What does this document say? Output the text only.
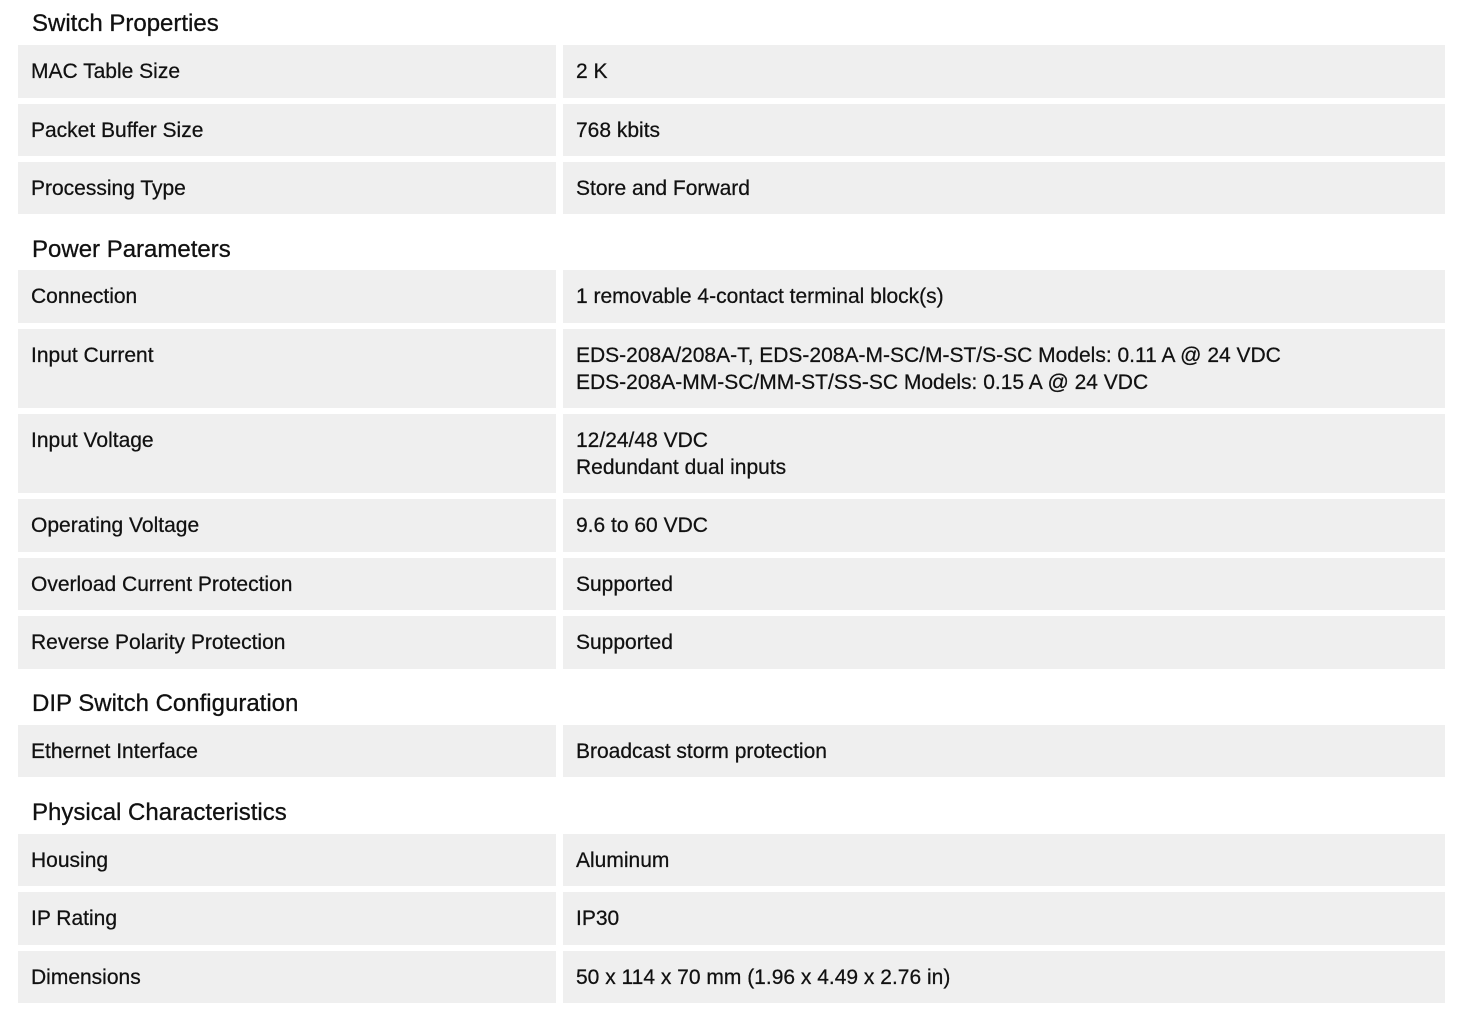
Switch Properties
MAC Table Size	2 K
Packet Buffer Size	768 kbits
Processing Type	Store and Forward
Power Parameters
Connection	1 removable 4-contact terminal block(s)
Input Current	EDS-208A/208A-T, EDS-208A-M-SC/M-ST/S-SC Models: 0.11 A @ 24 VDC
EDS-208A-MM-SC/MM-ST/SS-SC Models: 0.15 A @ 24 VDC
Input Voltage	12/24/48 VDC
Redundant dual inputs
Operating Voltage	9.6 to 60 VDC
Overload Current Protection	Supported
Reverse Polarity Protection	Supported
DIP Switch Configuration
Ethernet Interface	Broadcast storm protection
Physical Characteristics
Housing	Aluminum
IP Rating	IP30
Dimensions	50 x 114 x 70 mm (1.96 x 4.49 x 2.76 in)
